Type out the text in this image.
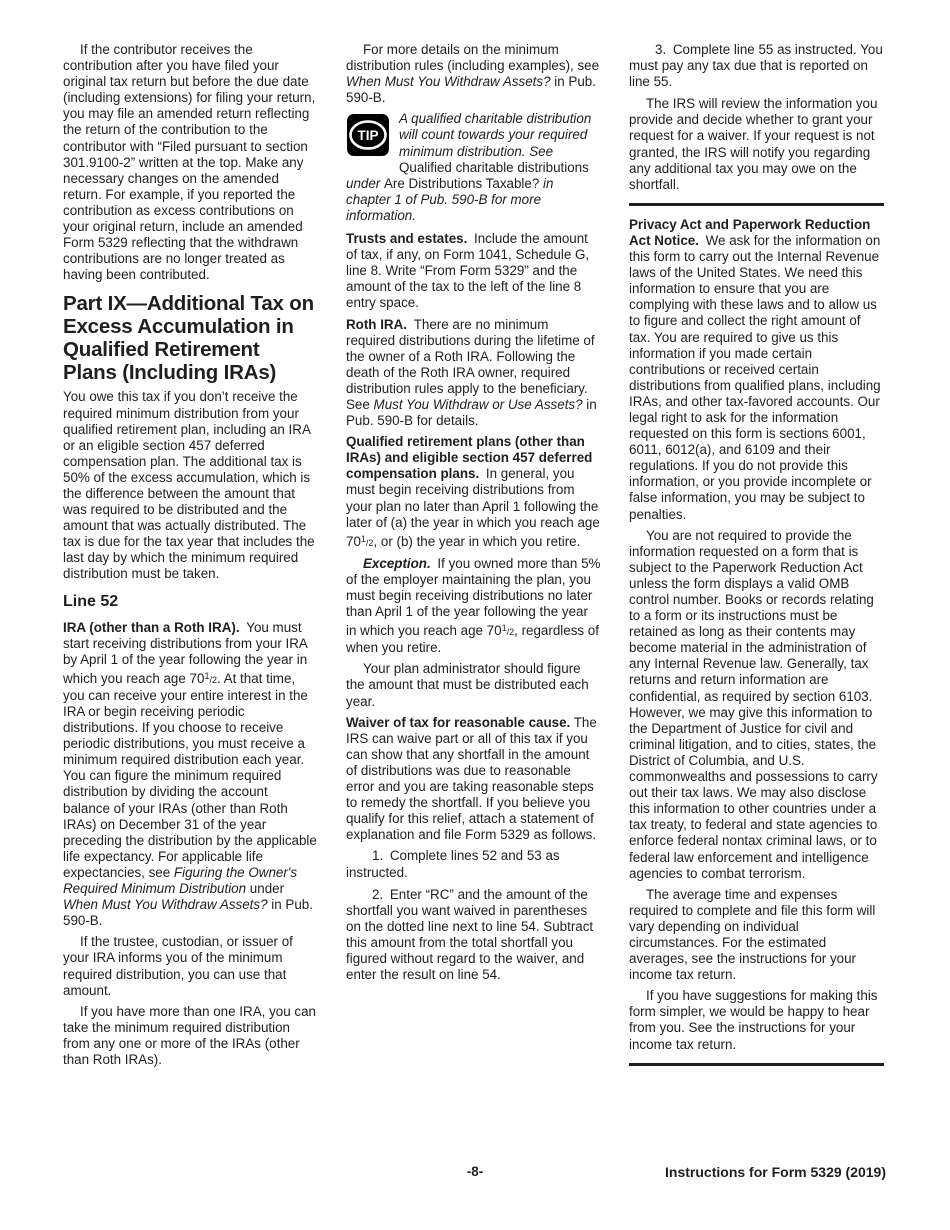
If the contributor receives the contribution after you have filed your original tax return but before the due date (including extensions) for filing your return, you may file an amended return reflecting the return of the contribution to the contributor with “Filed pursuant to section 301.9100-2” written at the top. Make any necessary changes on the amended return. For example, if you reported the contribution as excess contributions on your original return, include an amended Form 5329 reflecting that the withdrawn contributions are no longer treated as having been contributed.

Part IX—Additional Tax on Excess Accumulation in Qualified Retirement Plans (Including IRAs)

You owe this tax if you don’t receive the required minimum distribution from your qualified retirement plan, including an IRA or an eligible section 457 deferred compensation plan. The additional tax is 50% of the excess accumulation, which is the difference between the amount that was required to be distributed and the amount that was actually distributed. The tax is due for the tax year that includes the last day by which the minimum required distribution must be taken.

Line 52

IRA (other than a Roth IRA). You must start receiving distributions from your IRA by April 1 of the year following the year in which you reach age $70^1/2$. At that time, you can receive your entire interest in the IRA or begin receiving periodic distributions. If you choose to receive periodic distributions, you must receive a minimum required distribution each year. You can figure the minimum required distribution by dividing the account balance of your IRAs (other than Roth IRAs) on December 31 of the year preceding the distribution by the applicable life expectancy. For applicable life expectancies, see Figuring the Owner's Required Minimum Distribution under When Must You Withdraw Assets? in Pub. 590-B.

If the trustee, custodian, or issuer of your IRA informs you of the minimum required distribution, you can use that amount.

If you have more than one IRA, you can take the minimum required distribution from any one or more of the IRAs (other than Roth IRAs).

For more details on the minimum distribution rules (including examples), see When Must You Withdraw Assets? in Pub. 590-B.

TIP
A qualified charitable distribution will count towards your required minimum distribution. See Qualified charitable distributions under Are Distributions Taxable? in chapter 1 of Pub. 590-B for more information.

Trusts and estates. Include the amount of tax, if any, on Form 1041, Schedule G, line 8. Write “From Form 5329” and the amount of the tax to the left of the line 8 entry space.

Roth IRA. There are no minimum required distributions during the lifetime of the owner of a Roth IRA. Following the death of the Roth IRA owner, required distribution rules apply to the beneficiary. See Must You Withdraw or Use Assets? in Pub. 590-B for details.

Qualified retirement plans (other than IRAs) and eligible section 457 deferred compensation plans. In general, you must begin receiving distributions from your plan no later than April 1 following the later of (a) the year in which you reach age $70^1/2$, or (b) the year in which you retire.

Exception. If you owned more than 5% of the employer maintaining the plan, you must begin receiving distributions no later than April 1 of the year following the year in which you reach age $70^1/2$, regardless of when you retire.

Your plan administrator should figure the amount that must be distributed each year.

Waiver of tax for reasonable cause. The IRS can waive part or all of this tax if you can show that any shortfall in the amount of distributions was due to reasonable error and you are taking reasonable steps to remedy the shortfall. If you believe you qualify for this relief, attach a statement of explanation and file Form 5329 as follows.

1. Complete lines 52 and 53 as instructed.

2. Enter “RC” and the amount of the shortfall you want waived in parentheses on the dotted line next to line 54. Subtract this amount from the total shortfall you figured without regard to the waiver, and enter the result on line 54.

3. Complete line 55 as instructed. You must pay any tax due that is reported on line 55.

The IRS will review the information you provide and decide whether to grant your request for a waiver. If your request is not granted, the IRS will notify you regarding any additional tax you may owe on the shortfall.

Privacy Act and Paperwork Reduction Act Notice. We ask for the information on this form to carry out the Internal Revenue laws of the United States. We need this information to ensure that you are complying with these laws and to allow us to figure and collect the right amount of tax. You are required to give us this information if you made certain contributions or received certain distributions from qualified plans, including IRAs, and other tax-favored accounts. Our legal right to ask for the information requested on this form is sections 6001, 6011, 6012(a), and 6109 and their regulations. If you do not provide this information, or you provide incomplete or false information, you may be subject to penalties.

You are not required to provide the information requested on a form that is subject to the Paperwork Reduction Act unless the form displays a valid OMB control number. Books or records relating to a form or its instructions must be retained as long as their contents may become material in the administration of any Internal Revenue law. Generally, tax returns and return information are confidential, as required by section 6103. However, we may give this information to the Department of Justice for civil and criminal litigation, and to cities, states, the District of Columbia, and U.S. commonwealths and possessions to carry out their tax laws. We may also disclose this information to other countries under a tax treaty, to federal and state agencies to enforce federal nontax criminal laws, or to federal law enforcement and intelligence agencies to combat terrorism.

The average time and expenses required to complete and file this form will vary depending on individual circumstances. For the estimated averages, see the instructions for your income tax return.

If you have suggestions for making this form simpler, we would be happy to hear from you. See the instructions for your income tax return.

-8-	Instructions for Form 5329 (2019)
